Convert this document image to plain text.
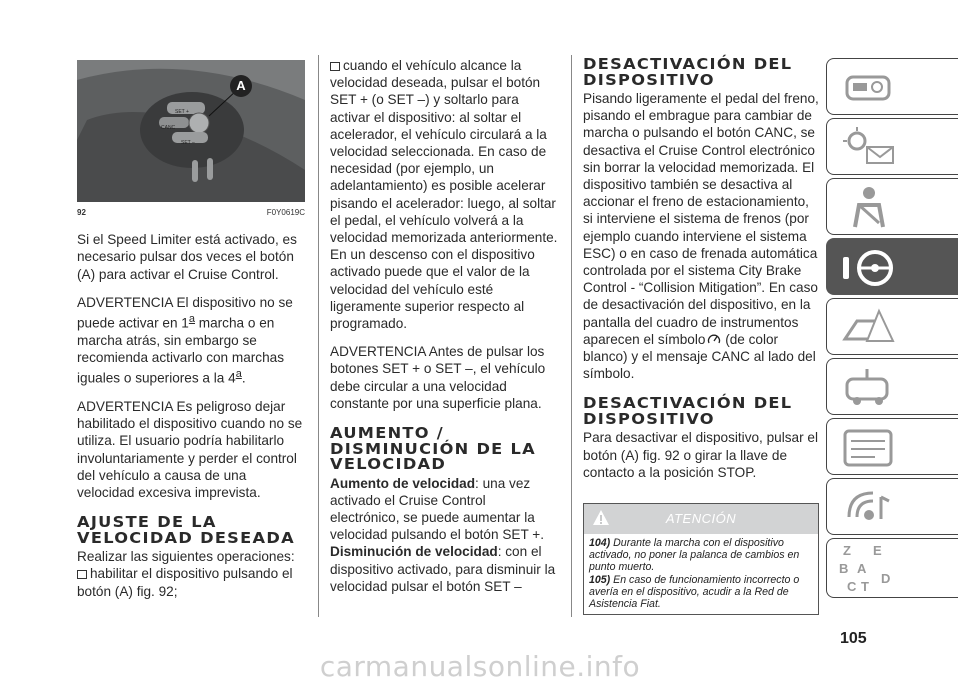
A
SET +
CANC
SET –
92	F0Y0619C

Si el Speed Limiter está activado, es necesario pulsar dos veces el botón (A) para activar el Cruise Control.

ADVERTENCIA El dispositivo no se puede activar en 1$^a$ marcha o en marcha atrás, sin embargo se recomienda activarlo con marchas iguales o superiores a la 4$^a$.

ADVERTENCIA Es peligroso dejar habilitado el dispositivo cuando no se utiliza. El usuario podría habilitarlo involuntariamente y perder el control del vehículo a causa de una velocidad excesiva imprevista.

AJUSTE DE LA VELOCIDAD DESEADA
Realizar las siguientes operaciones:
habilitar el dispositivo pulsando el botón (A) fig. 92;

cuando el vehículo alcance la velocidad deseada, pulsar el botón SET + (o SET –) y soltarlo para activar el dispositivo: al soltar el acelerador, el vehículo circulará a la velocidad seleccionada. En caso de necesidad (por ejemplo, un adelantamiento) es posible acelerar pisando el acelerador: luego, al soltar el pedal, el vehículo volverá a la velocidad memorizada anteriormente. En un descenso con el dispositivo activado puede que el valor de la velocidad del vehículo esté ligeramente superior respecto al programado.

ADVERTENCIA Antes de pulsar los botones SET + o SET –, el vehículo debe circular a una velocidad constante por una superficie plana.

AUMENTO / DISMINUCIÓN DE LA VELOCIDAD
Aumento de velocidad: una vez activado el Cruise Control electrónico, se puede aumentar la velocidad pulsando el botón SET +.
Disminución de velocidad: con el dispositivo activado, para disminuir la velocidad pulsar el botón SET –
DESACTIVACIÓN DEL DISPOSITIVO

Pisando ligeramente el pedal del freno, pisando el embrague para cambiar de marcha o pulsando el botón CANC, se desactiva el Cruise Control electrónico sin borrar la velocidad memorizada. El dispositivo también se desactiva al accionar el freno de estacionamiento, si interviene el sistema de frenos (por ejemplo cuando interviene el sistema ESC) o en caso de frenada automática controlada por el sistema City Brake Control - “Collision Mitigation”. En caso de desactivación del dispositivo, en la pantalla del cuadro de instrumentos aparecen el símbolo (de color blanco) y el mensaje CANC al lado del símbolo.

DESACTIVACIÓN DEL DISPOSITIVO

Para desactivar el dispositivo, pulsar el botón (A) fig. 92 o girar la llave de contacto a la posición STOP.

ATENCIÓN
104) Durante la marcha con el dispositivo activado, no poner la palanca de cambios en punto muerto.
105) En caso de funcionamiento incorrecto o avería en el dispositivo, acudir a la Red de Asistencia Fiat.
105
Z E
B A
C T
D
carmanualsonline.info
